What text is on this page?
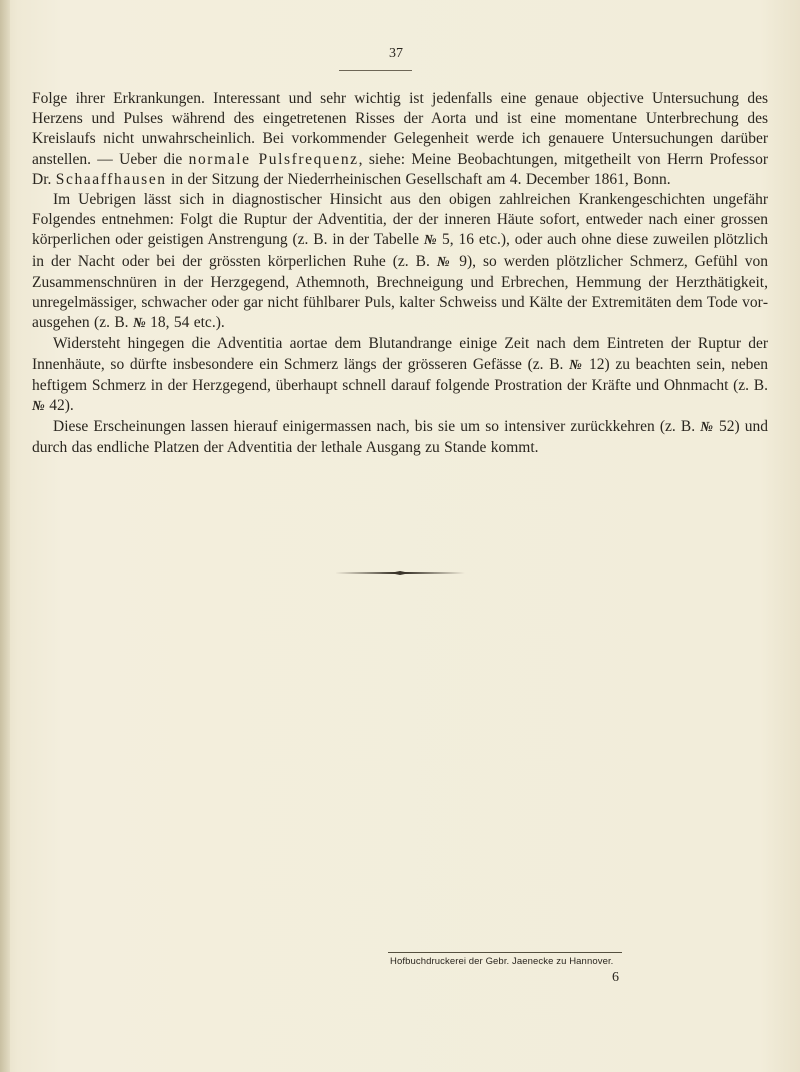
37

Folge ihrer Erkrankungen. Interessant und sehr wichtig ist jedenfalls eine genaue objective Untersuchung des Herzens und Pulses während des eingetretenen Risses der Aorta und ist eine momentane Unterbrechung des Kreislaufs nicht unwahrscheinlich. Bei vorkommender Gelegenheit werde ich genauere Untersuchungen darüber anstellen. — Ueber die normale Pulsfrequenz, siehe: Meine Beobachtungen, mitgetheilt von Herrn Professor Dr. Schaaffhausen in der Sitzung der Niederrheinischen Gesellschaft am 4. December 1861, Bonn.

Im Uebrigen lässt sich in diagnostischer Hinsicht aus den obigen zahlreichen Krankengeschichten ungefähr Folgendes entnehmen: Folgt die Ruptur der Adventitia, der der inneren Häute sofort, entweder nach einer grossen körperlichen oder geistigen Anstrengung (z. B. in der Tabelle № 5, 16 etc.), oder auch ohne diese zuweilen plötzlich in der Nacht oder bei der grössten körperlichen Ruhe (z. B. № 9), so werden plötzlicher Schmerz, Gefühl von Zusammenschnüren in der Herzgegend, Athemnoth, Brechneigung und Erbrechen, Hemmung der Herzthätigkeit, unregelmässiger, schwacher oder gar nicht fühlbarer Puls, kalter Schweiss und Kälte der Extremitäten dem Tode vorausgehen (z. B. № 18, 54 etc.).

Widersteht hingegen die Adventitia aortae dem Blutandrange einige Zeit nach dem Eintreten der Ruptur der Innenhäute, so dürfte insbesondere ein Schmerz längs der grösseren Gefässe (z. B. № 12) zu beachten sein, neben heftigem Schmerz in der Herzgegend, überhaupt schnell darauf folgende Prostration der Kräfte und Ohnmacht (z. B. № 42).

Diese Erscheinungen lassen hierauf einigermassen nach, bis sie um so intensiver zurückkehren (z. B. № 52) und durch das endliche Platzen der Adventitia der lethale Ausgang zu Stande kommt.

Hofbuchdruckerei der Gebr. Jaenecke zu Hannover.
6
